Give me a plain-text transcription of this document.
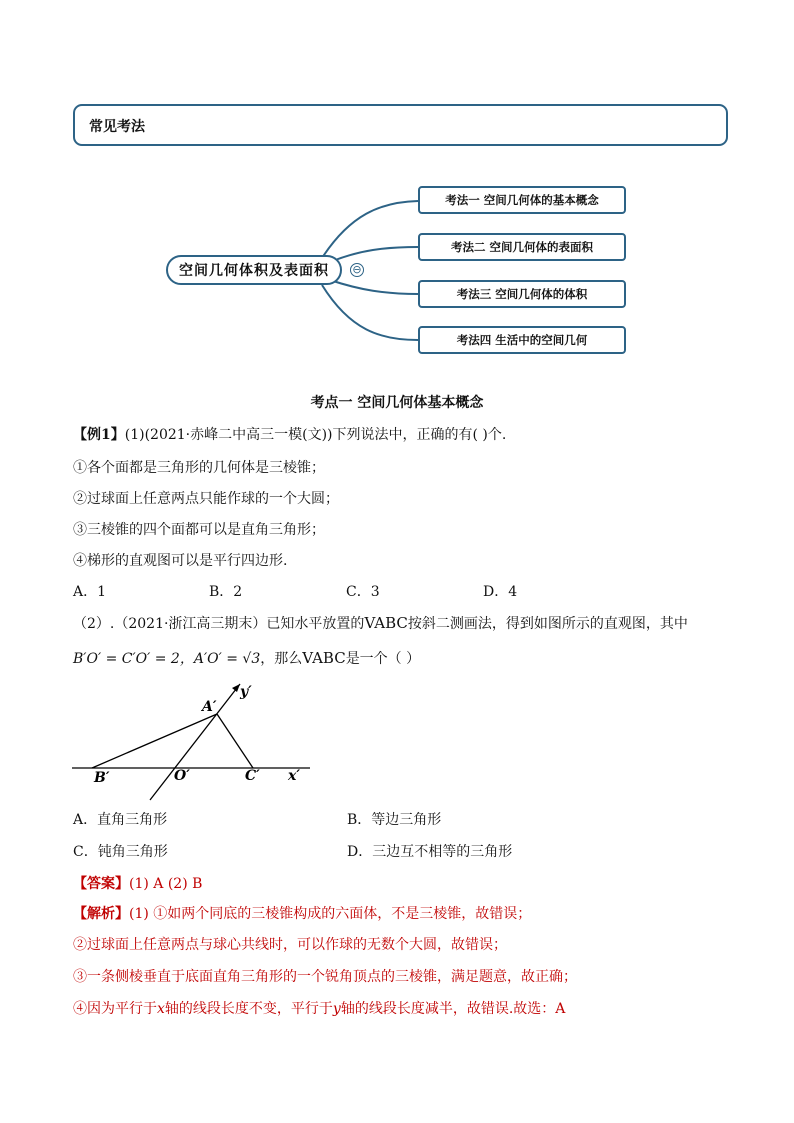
常见考法
空间几何体积及表面积	⊖
考法一 空间几何体的基本概念
考法二 空间几何体的表面积
考法三 空间几何体的体积
考法四 生活中的空间几何
考点一 空间几何体基本概念
【例1】(1)(2021·赤峰二中高三一模(文))下列说法中，正确的有( )个.
①各个面都是三角形的几何体是三棱锥；
②过球面上任意两点只能作球的一个大圆；
③三棱锥的四个面都可以是直角三角形；
④梯形的直观图可以是平行四边形.
A．1	B．2	C．3	D．4
（2）.（2021·浙江高三期末）已知水平放置的VABC按斜二测画法，得到如图所示的直观图，其中
B′O′ = C′O′ = 2，A′O′ = √3，那么VABC是一个（ ）
A′
B′	O′	C′ x′
y′
A．直角三角形	B．等边三角形
C．钝角三角形	D．三边互不相等的三角形
【答案】(1) A (2) B
【解析】(1) ①如两个同底的三棱锥构成的六面体，不是三棱锥，故错误；
②过球面上任意两点与球心共线时，可以作球的无数个大圆，故错误；
③一条侧棱垂直于底面直角三角形的一个锐角顶点的三棱锥，满足题意，故正确；
④因为平行于x轴的线段长度不变，平行于y轴的线段长度减半，故错误.故选：A
